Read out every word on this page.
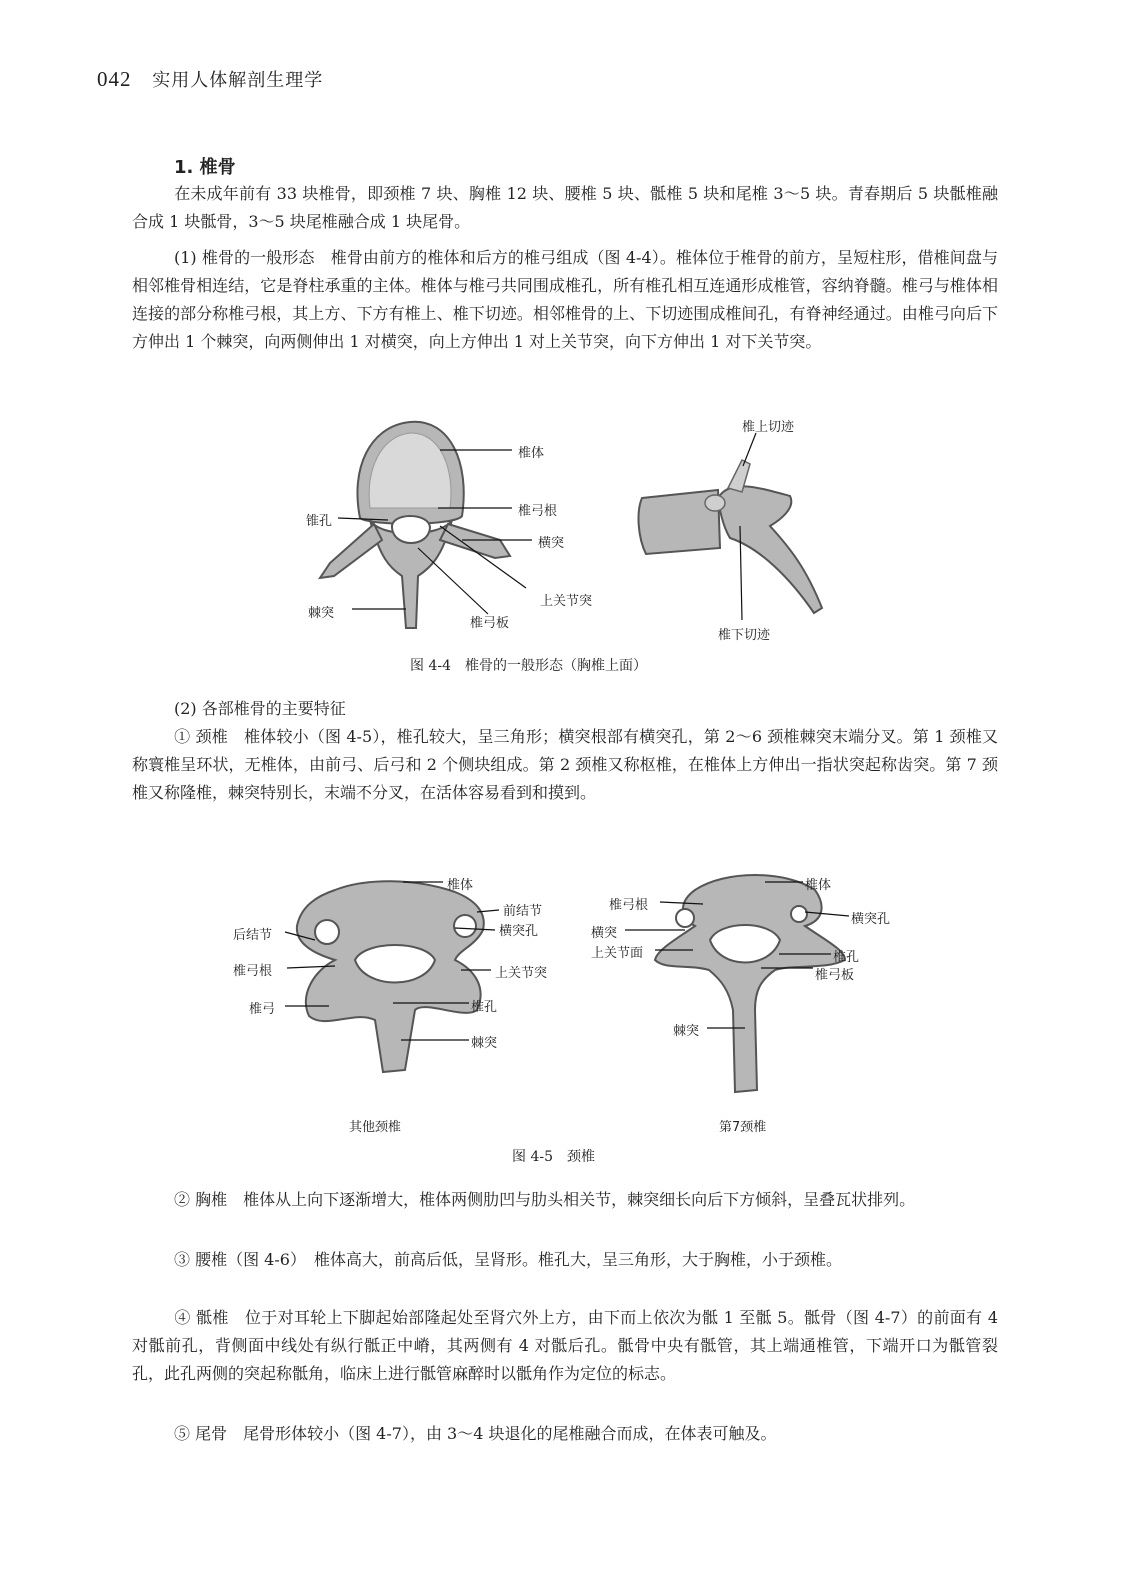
042 实用人体解剖生理学
1. 椎骨

在未成年前有 33 块椎骨，即颈椎 7 块、胸椎 12 块、腰椎 5 块、骶椎 5 块和尾椎 3～5 块。青春期后 5 块骶椎融合成 1 块骶骨，3～5 块尾椎融合成 1 块尾骨。

(1) 椎骨的一般形态　椎骨由前方的椎体和后方的椎弓组成（图 4-4）。椎体位于椎骨的前方，呈短柱形，借椎间盘与相邻椎骨相连结，它是脊柱承重的主体。椎体与椎弓共同围成椎孔，所有椎孔相互连通形成椎管，容纳脊髓。椎弓与椎体相连接的部分称椎弓根，其上方、下方有椎上、椎下切迹。相邻椎骨的上、下切迹围成椎间孔，有脊神经通过。由椎弓向后下方伸出 1 个棘突，向两侧伸出 1 对横突，向上方伸出 1 对上关节突，向下方伸出 1 对下关节突。

椎体
锥孔
椎弓根
横突
上关节突
棘突
椎弓板
椎上切迹
椎下切迹
图 4-4　椎骨的一般形态（胸椎上面）

(2) 各部椎骨的主要特征

① 颈椎　椎体较小（图 4-5），椎孔较大，呈三角形；横突根部有横突孔，第 2～6 颈椎棘突末端分叉。第 1 颈椎又称寰椎呈环状，无椎体，由前弓、后弓和 2 个侧块组成。第 2 颈椎又称枢椎，在椎体上方伸出一指状突起称齿突。第 7 颈椎又称隆椎，棘突特别长，末端不分叉，在活体容易看到和摸到。

椎体
前结节
后结节	横突孔
椎弓根	上关节突
椎弓	椎孔
棘突
椎体
椎弓根
横突孔
横突
上关节面	椎孔
椎弓板
棘突
其他颈椎	第7颈椎
图 4-5　颈椎

② 胸椎　椎体从上向下逐渐增大，椎体两侧肋凹与肋头相关节，棘突细长向后下方倾斜，呈叠瓦状排列。

③ 腰椎（图 4-6）　椎体高大，前高后低，呈肾形。椎孔大，呈三角形，大于胸椎，小于颈椎。

④ 骶椎　位于对耳轮上下脚起始部隆起处至肾穴外上方，由下而上依次为骶 1 至骶 5。骶骨（图 4-7）的前面有 4 对骶前孔，背侧面中线处有纵行骶正中嵴，其两侧有 4 对骶后孔。骶骨中央有骶管，其上端通椎管，下端开口为骶管裂孔，此孔两侧的突起称骶角，临床上进行骶管麻醉时以骶角作为定位的标志。

⑤ 尾骨　尾骨形体较小（图 4-7），由 3～4 块退化的尾椎融合而成，在体表可触及。
